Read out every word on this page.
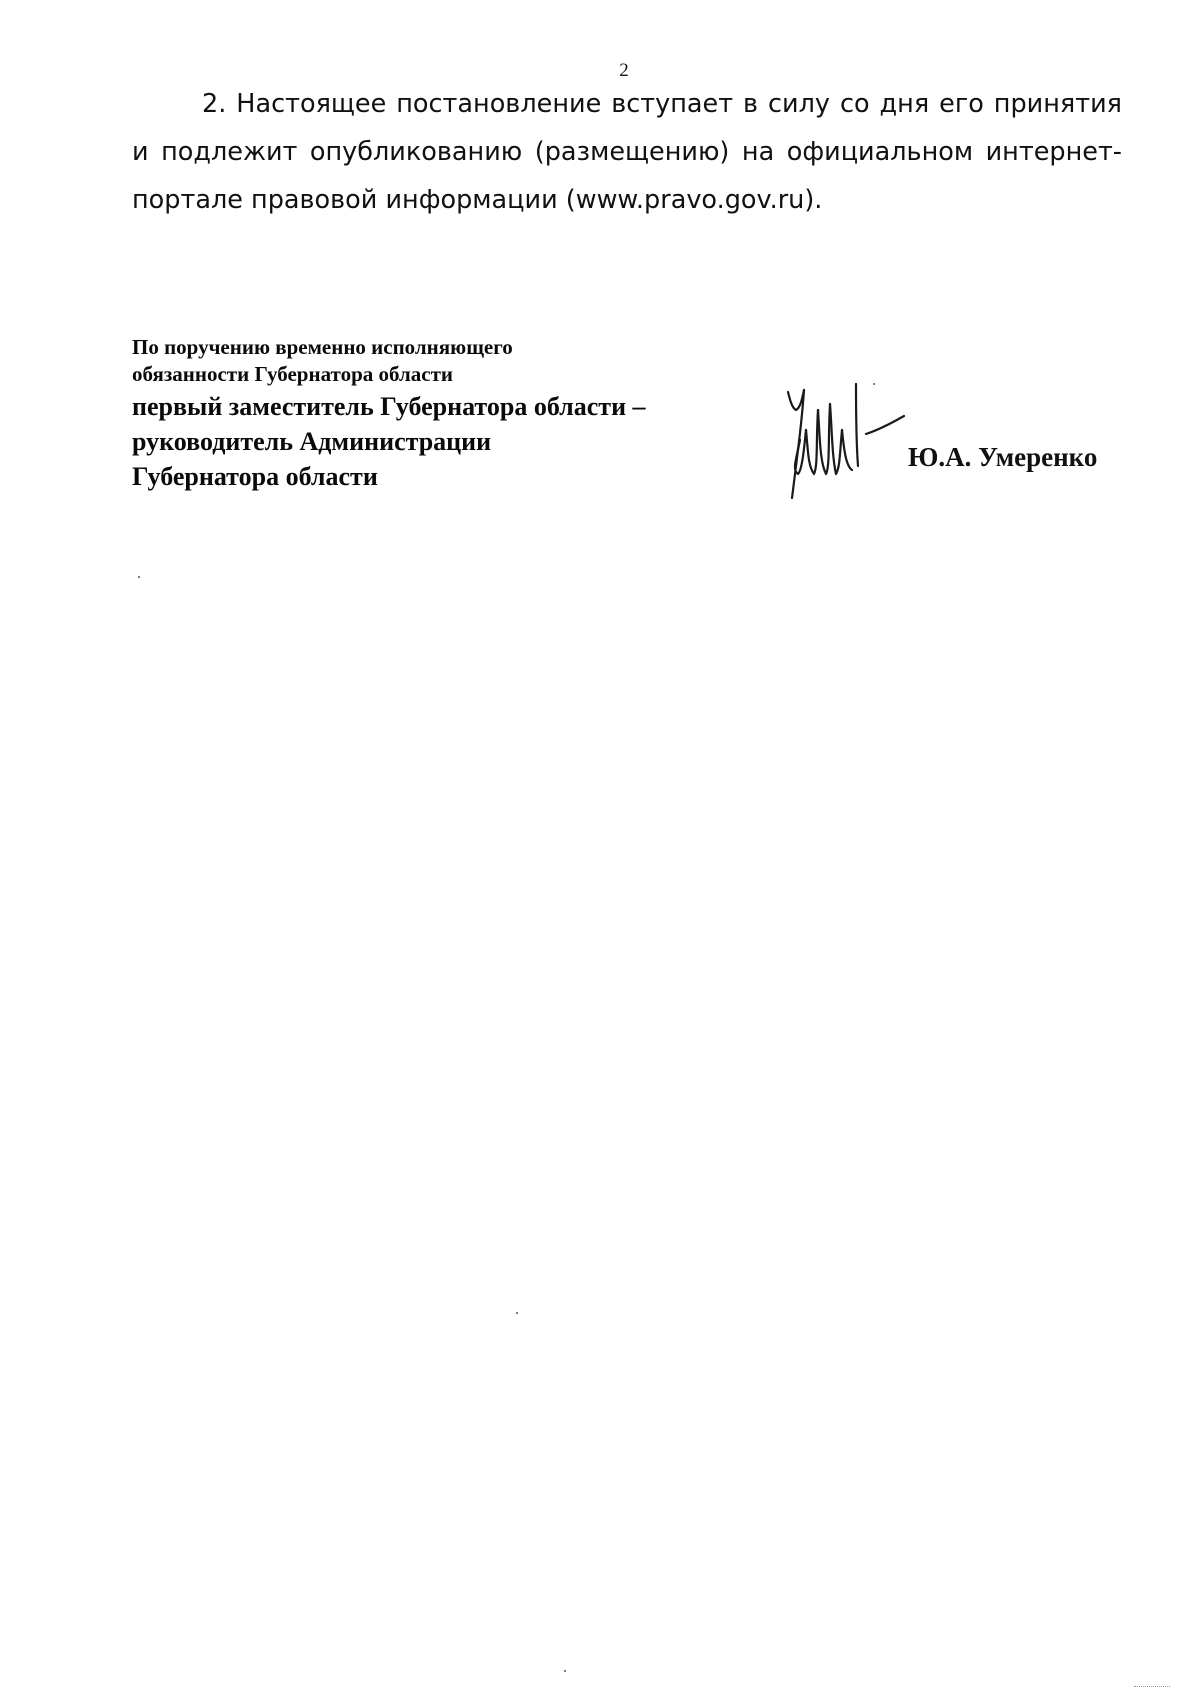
2

2. Настоящее постановление вступает в силу со дня его принятия и подлежит опубликованию (размещению) на официальном интернет-портале правовой информации (www.pravo.gov.ru).

По поручению временно исполняющего
обязанности Губернатора области
первый заместитель Губернатора области –
руководитель Администрации
Губернатора области
Ю.А. Умеренко
